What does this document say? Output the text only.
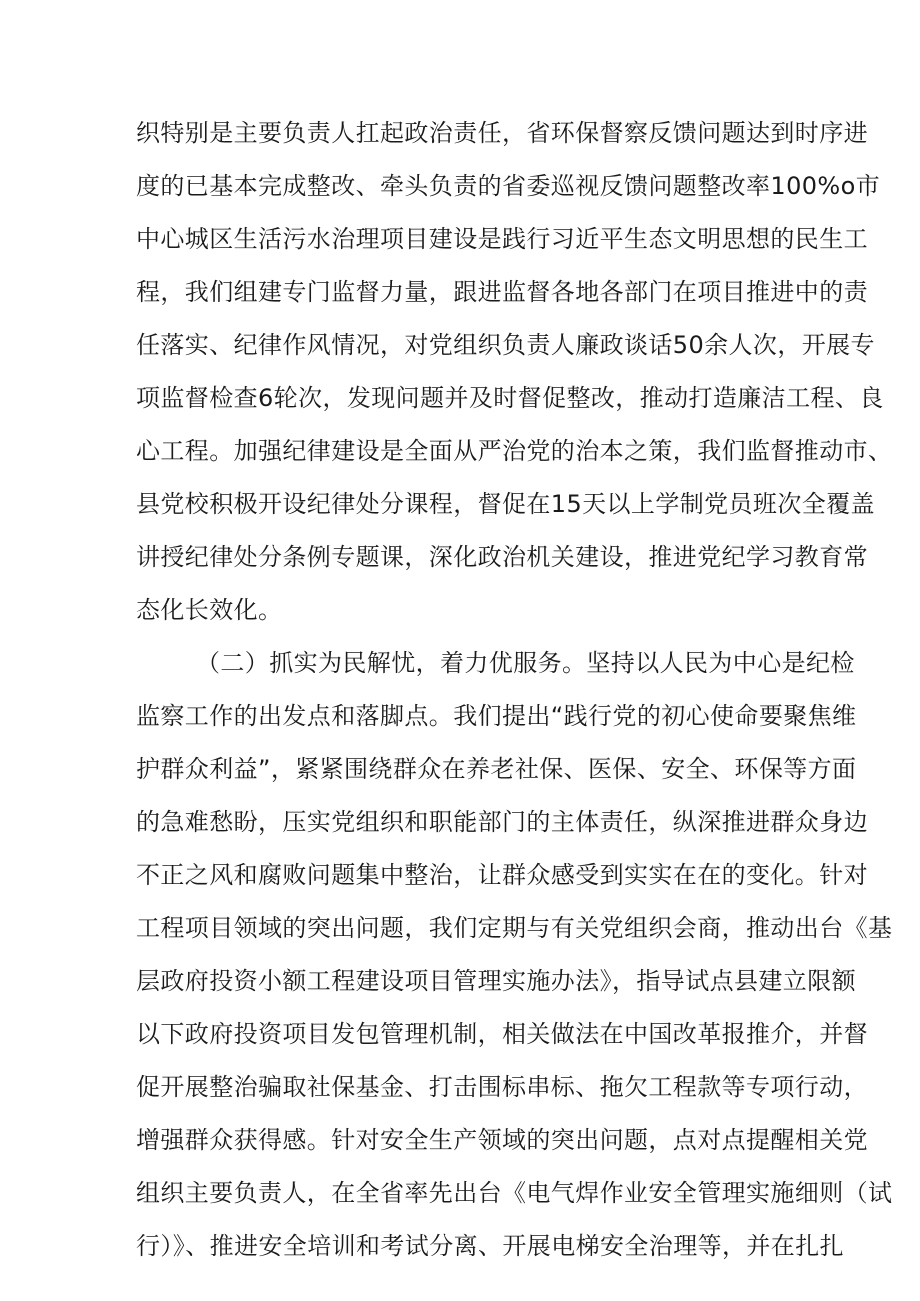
织特别是主要负责人扛起政治责任，省环保督察反馈问题达到时序进
度的已基本完成整改、牵头负责的省委巡视反馈问题整改率100%o市
中心城区生活污水治理项目建设是践行习近平生态文明思想的民生工
程，我们组建专门监督力量，跟进监督各地各部门在项目推进中的责
任落实、纪律作风情况，对党组织负责人廉政谈话50余人次，开展专
项监督检查6轮次，发现问题并及时督促整改，推动打造廉洁工程、良
心工程。加强纪律建设是全面从严治党的治本之策，我们监督推动市、
县党校积极开设纪律处分课程，督促在15天以上学制党员班次全覆盖
讲授纪律处分条例专题课，深化政治机关建设，推进党纪学习教育常
态化长效化。
（二）抓实为民解忧，着力优服务。坚持以人民为中心是纪检
监察工作的出发点和落脚点。我们提出“践行党的初心使命要聚焦维
护群众利益”，紧紧围绕群众在养老社保、医保、安全、环保等方面
的急难愁盼，压实党组织和职能部门的主体责任，纵深推进群众身边
不正之风和腐败问题集中整治，让群众感受到实实在在的变化。针对
工程项目领域的突出问题，我们定期与有关党组织会商，推动出台《基
层政府投资小额工程建设项目管理实施办法》，指导试点县建立限额
以下政府投资项目发包管理机制，相关做法在中国改革报推介，并督
促开展整治骗取社保基金、打击围标串标、拖欠工程款等专项行动，
增强群众获得感。针对安全生产领域的突出问题，点对点提醒相关党
组织主要负责人，在全省率先出台《电气焊作业安全管理实施细则（试
行）》、推进安全培训和考试分离、开展电梯安全治理等，并在扎扎
